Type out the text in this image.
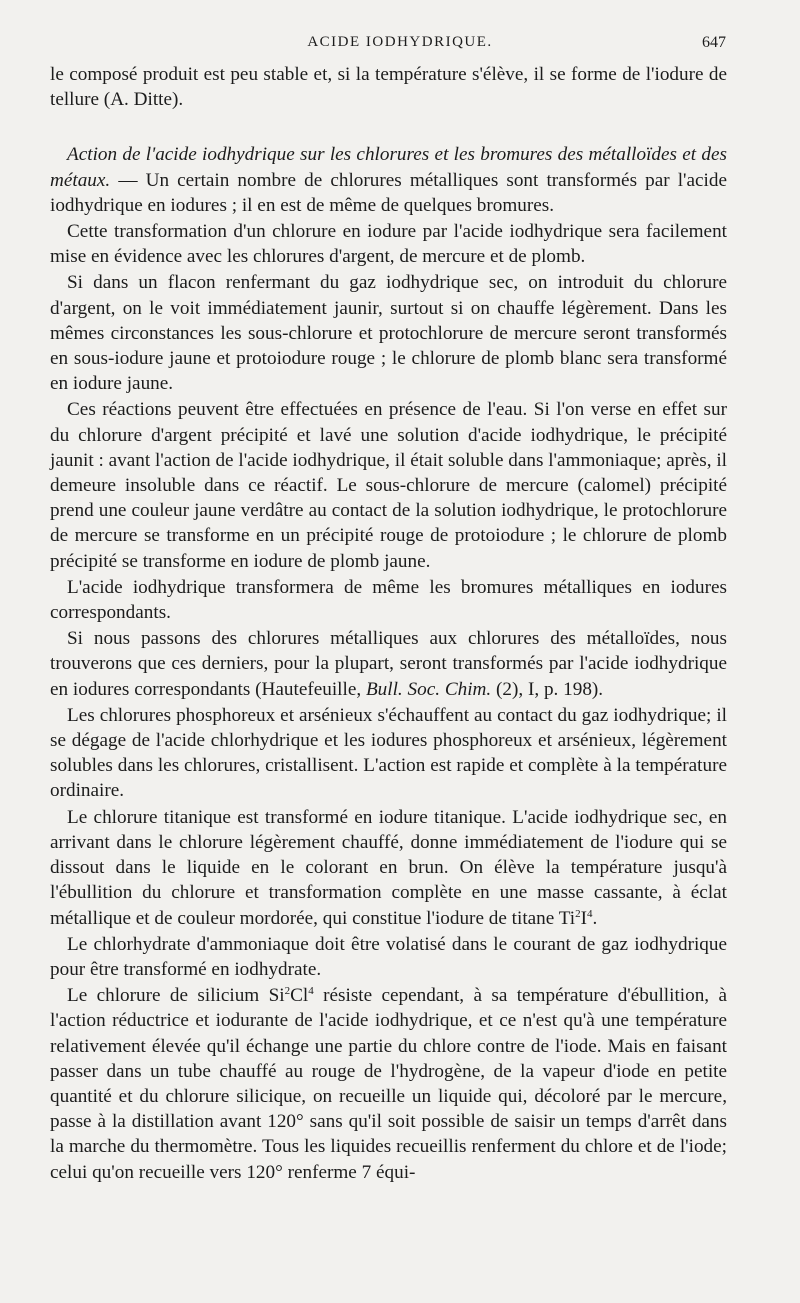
ACIDE IODHYDRIQUE.	647

le composé produit est peu stable et, si la température s'élève, il se forme de l'iodure de tellure (A. Ditte).

Action de l'acide iodhydrique sur les chlorures et les bromures des métalloïdes et des métaux. — Un certain nombre de chlorures métalliques sont transformés par l'acide iodhydrique en iodures ; il en est de même de quelques bromures.

Cette transformation d'un chlorure en iodure par l'acide iodhydrique sera facilement mise en évidence avec les chlorures d'argent, de mercure et de plomb.

Si dans un flacon renfermant du gaz iodhydrique sec, on introduit du chlorure d'argent, on le voit immédiatement jaunir, surtout si on chauffe légèrement. Dans les mêmes circonstances les sous-chlorure et protochlorure de mercure seront transformés en sous-iodure jaune et protoiodure rouge ; le chlorure de plomb blanc sera transformé en iodure jaune.

Ces réactions peuvent être effectuées en présence de l'eau. Si l'on verse en effet sur du chlorure d'argent précipité et lavé une solution d'acide iodhydrique, le précipité jaunit : avant l'action de l'acide iodhydrique, il était soluble dans l'ammoniaque; après, il demeure insoluble dans ce réactif. Le sous-chlorure de mercure (calomel) précipité prend une couleur jaune verdâtre au contact de la solution iodhydrique, le protochlorure de mercure se transforme en un précipité rouge de protoiodure ; le chlorure de plomb précipité se transforme en iodure de plomb jaune.

L'acide iodhydrique transformera de même les bromures métalliques en iodures correspondants.

Si nous passons des chlorures métalliques aux chlorures des métalloïdes, nous trouverons que ces derniers, pour la plupart, seront transformés par l'acide iodhydrique en iodures correspondants (Hautefeuille, Bull. Soc. Chim. (2), I, p. 198).

Les chlorures phosphoreux et arsénieux s'échauffent au contact du gaz iodhydrique; il se dégage de l'acide chlorhydrique et les iodures phosphoreux et arsénieux, légèrement solubles dans les chlorures, cristallisent. L'action est rapide et complète à la température ordinaire.

Le chlorure titanique est transformé en iodure titanique. L'acide iodhydrique sec, en arrivant dans le chlorure légèrement chauffé, donne immédiatement de l'iodure qui se dissout dans le liquide en le colorant en brun. On élève la température jusqu'à l'ébullition du chlorure et transformation complète en une masse cassante, à éclat métallique et de couleur mordorée, qui constitue l'iodure de titane $Ti^2I^4$.

Le chlorhydrate d'ammoniaque doit être volatisé dans le courant de gaz iodhydrique pour être transformé en iodhydrate.

Le chlorure de silicium Si$^2$Cl$^4$ résiste cependant, à sa température d'ébullition, à l'action réductrice et iodurante de l'acide iodhydrique, et ce n'est qu'à une température relativement élevée qu'il échange une partie du chlore contre de l'iode. Mais en faisant passer dans un tube chauffé au rouge de l'hydrogène, de la vapeur d'iode en petite quantité et du chlorure silicique, on recueille un liquide qui, décoloré par le mercure, passe à la distillation avant 120° sans qu'il soit possible de saisir un temps d'arrêt dans la marche du thermomètre. Tous les liquides recueillis renferment du chlore et de l'iode; celui qu'on recueille vers 120° renferme 7 équi-
